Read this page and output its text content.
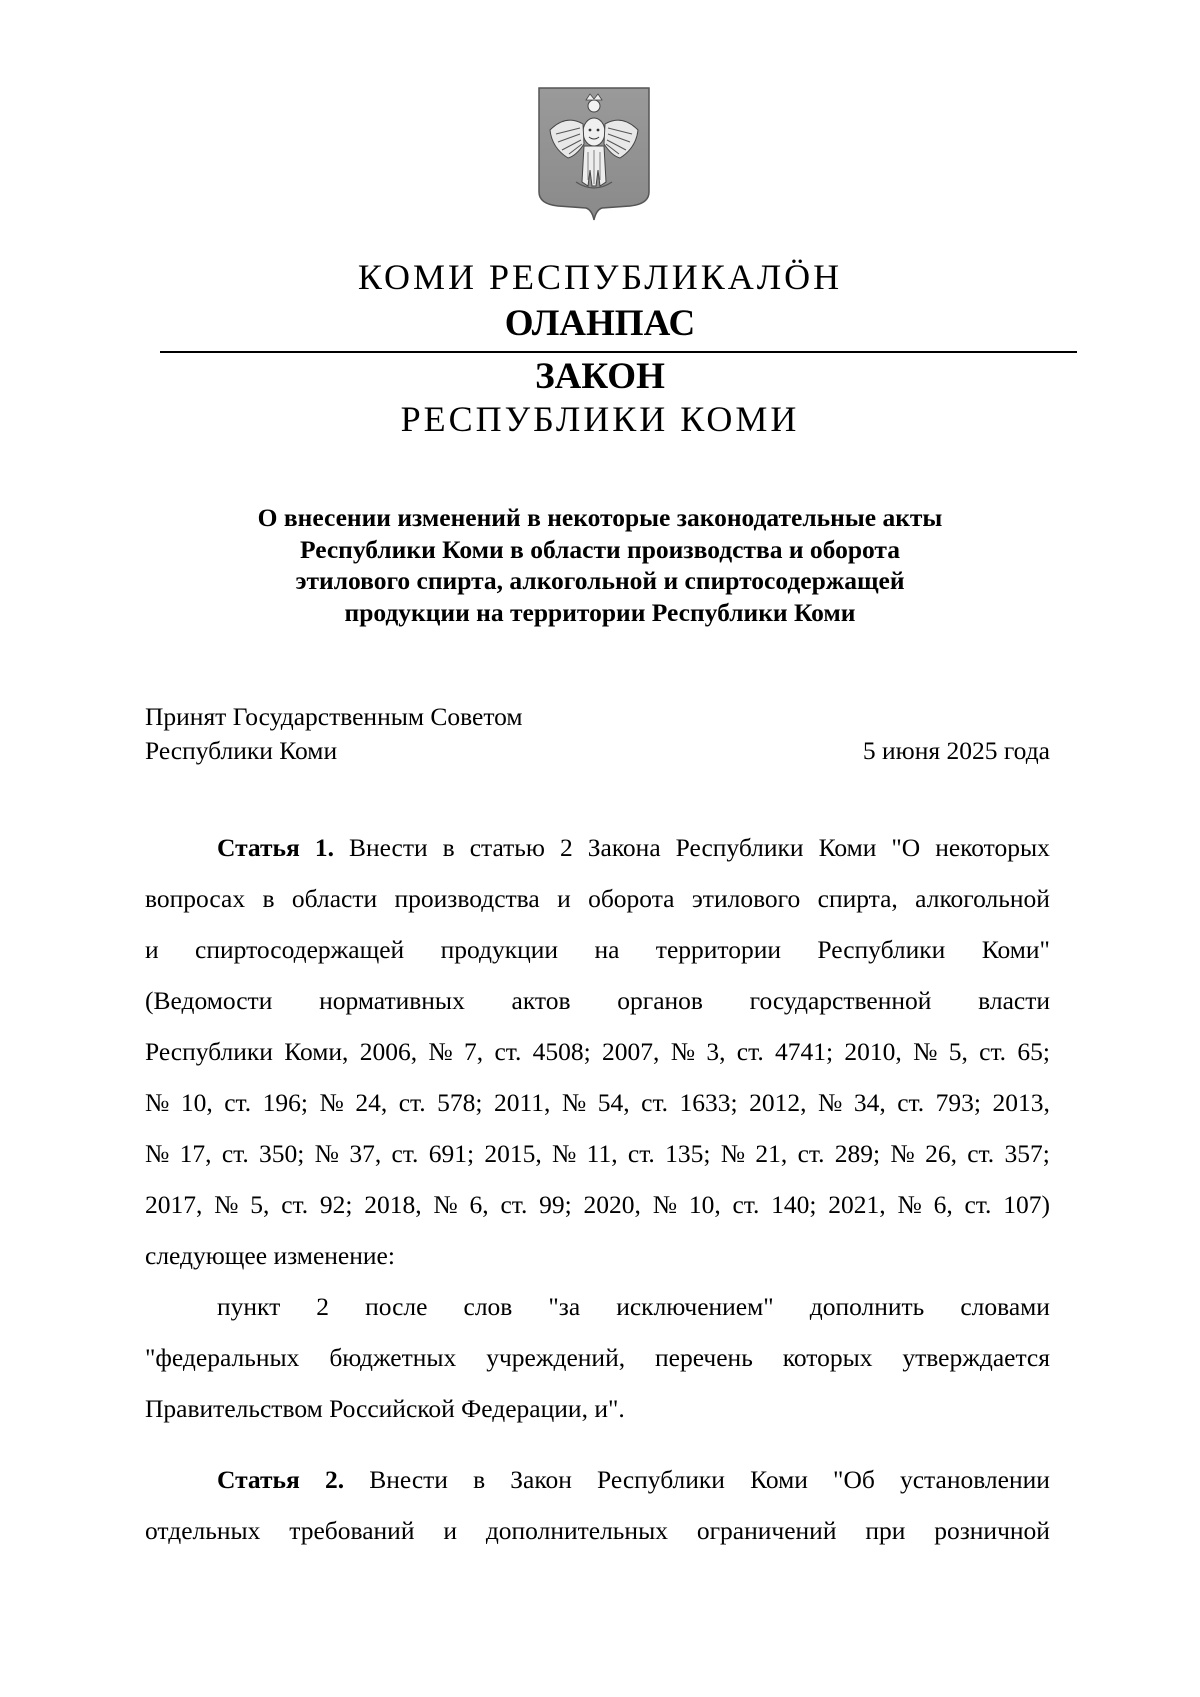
КОМИ РЕСПУБЛИКАЛÖН
ОЛАНПАС
ЗАКОН
РЕСПУБЛИКИ КОМИ
О внесении изменений в некоторые законодательные акты
Республики Коми в области производства и оборота
этилового спирта, алкогольной и спиртосодержащей
продукции на территории Республики Коми
Принят Государственным Советом
Республики Коми	5 июня 2025 года
Статья 1. Внести в статью 2 Закона Республики Коми "О некоторых
вопросах в области производства и оборота этилового спирта, алкогольной
и спиртосодержащей продукции на территории Республики Коми"
(Ведомости нормативных актов органов государственной власти
Республики Коми, 2006, № 7, ст. 4508; 2007, № 3, ст. 4741; 2010, № 5, ст. 65;
№ 10, ст. 196; № 24, ст. 578; 2011, № 54, ст. 1633; 2012, № 34, ст. 793; 2013,
№ 17, ст. 350; № 37, ст. 691; 2015, № 11, ст. 135; № 21, ст. 289; № 26, ст. 357;
2017, № 5, ст. 92; 2018, № 6, ст. 99; 2020, № 10, ст. 140; 2021, № 6, ст. 107)
следующее изменение:
пункт 2 после слов "за исключением" дополнить словами
"федеральных бюджетных учреждений, перечень которых утверждается
Правительством Российской Федерации, и".
Статья 2. Внести в Закон Республики Коми "Об установлении
отдельных требований и дополнительных ограничений при розничной
